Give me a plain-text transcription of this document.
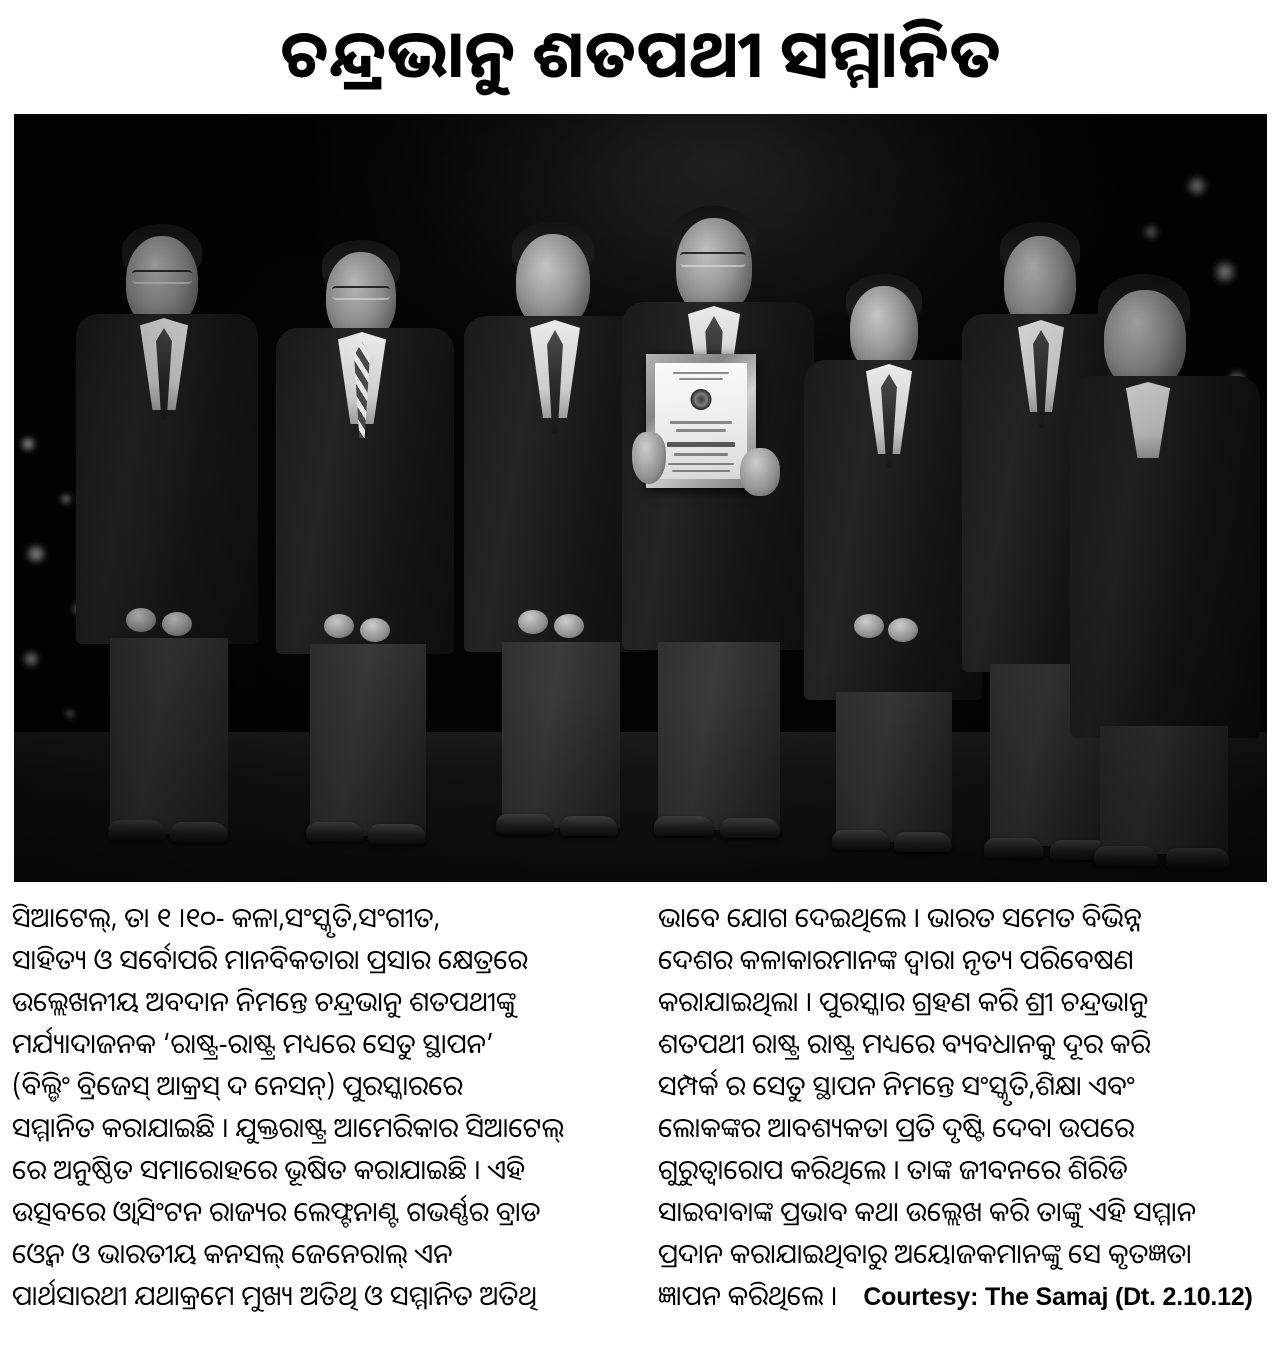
ଚନ୍ଦ୍ରଭାନୁ ଶତପଥୀ ସମ୍ମାନିତ
ସିଆଟେଲ୍, ତା ୧ ।୧୦- କଳା,ସଂସ୍କୃତି,ସଂଗୀତ,
ସାହିତ୍ୟ ଓ ସର୍ବୋପରି ମାନବିକତାରା ପ୍ରସାର କ୍ଷେତ୍ରରେ
ଉଲ୍ଲେଖନୀୟ ଅବଦାନ ନିମନ୍ତେ ଚନ୍ଦ୍ରଭାନୁ ଶତପଥୀଙ୍କୁ
ମର୍ଯ୍ୟାଦାଜନକ ‘ରାଷ୍ଟ୍ର-ରାଷ୍ଟ୍ର ମଧ୍ୟରେ ସେତୁ ସ୍ଥାପନ’
(ବିଲ୍ଡିଂ ବ୍ରିଜେସ୍ ଆକ୍ରସ୍ ଦ ନେସନ୍) ପୁରସ୍କାରରେ
ସମ୍ମାନିତ କରାଯାଇଛି । ଯୁକ୍ତରାଷ୍ଟ୍ର ଆମେରିକାର ସିଆଟେଲ୍
ରେ ଅନୁଷ୍ଠିତ ସମାରୋହରେ ଭୂଷିତ କରାଯାଇଛି । ଏହି
ଉତ୍ସବରେ ଓ୍ୱାସିଂଟନ ରାଜ୍ୟର ଲେଫ୍ଟନାଣ୍ଟ ଗଭର୍ଣ୍ଣର ବ୍ରାଡ
ଓ୍ୱେନ ଓ ଭାରତୀୟ କନସଲ୍ ଜେନେରାଲ୍ ଏନ
ପାର୍ଥସାରଥୀ ଯଥାକ୍ରମେ ମୁଖ୍ୟ ଅତିଥି ଓ ସମ୍ମାନିତ ଅତିଥି
ଭାବେ ଯୋଗ ଦେଇଥିଲେ । ଭାରତ ସମେତ ବିଭିନ୍ନ
ଦେଶର କଳାକାରମାନଙ୍କ ଦ୍ୱାରା ନୃତ୍ୟ ପରିବେଷଣ
କରାଯାଇଥିଲା । ପୁରସ୍କାର ଗ୍ରହଣ କରି ଶ୍ରୀ ଚନ୍ଦ୍ରଭାନୁ
ଶତପଥୀ ରାଷ୍ଟ୍ର ରାଷ୍ଟ୍ର ମଧ୍ୟରେ ବ୍ୟବଧାନକୁ ଦୂର କରି
ସମ୍ପର୍କ ର ସେତୁ ସ୍ଥାପନ ନିମନ୍ତେ ସଂସ୍କୃତି,ଶିକ୍ଷା ଏବଂ
ଲୋକଙ୍କର ଆବଶ୍ୟକତା ପ୍ରତି ଦୃଷ୍ଟି ଦେବା ଉପରେ
ଗୁରୁତ୍ୱାରୋପ କରିଥିଲେ । ତାଙ୍କ ଜୀବନରେ ଶିରିଡି
ସାଇବାବାଙ୍କ ପ୍ରଭାବ କଥା ଉଲ୍ଲେଖ କରି ତାଙ୍କୁ ଏହି ସମ୍ମାନ
ପ୍ରଦାନ କରାଯାଇଥିବାରୁ ଅୟୋଜକମାନଙ୍କୁ ସେ କୃତଜ୍ଞତା
ଜ୍ଞାପନ କରିଥିଲେ । Courtesy: The Samaj (Dt. 2.10.12)
